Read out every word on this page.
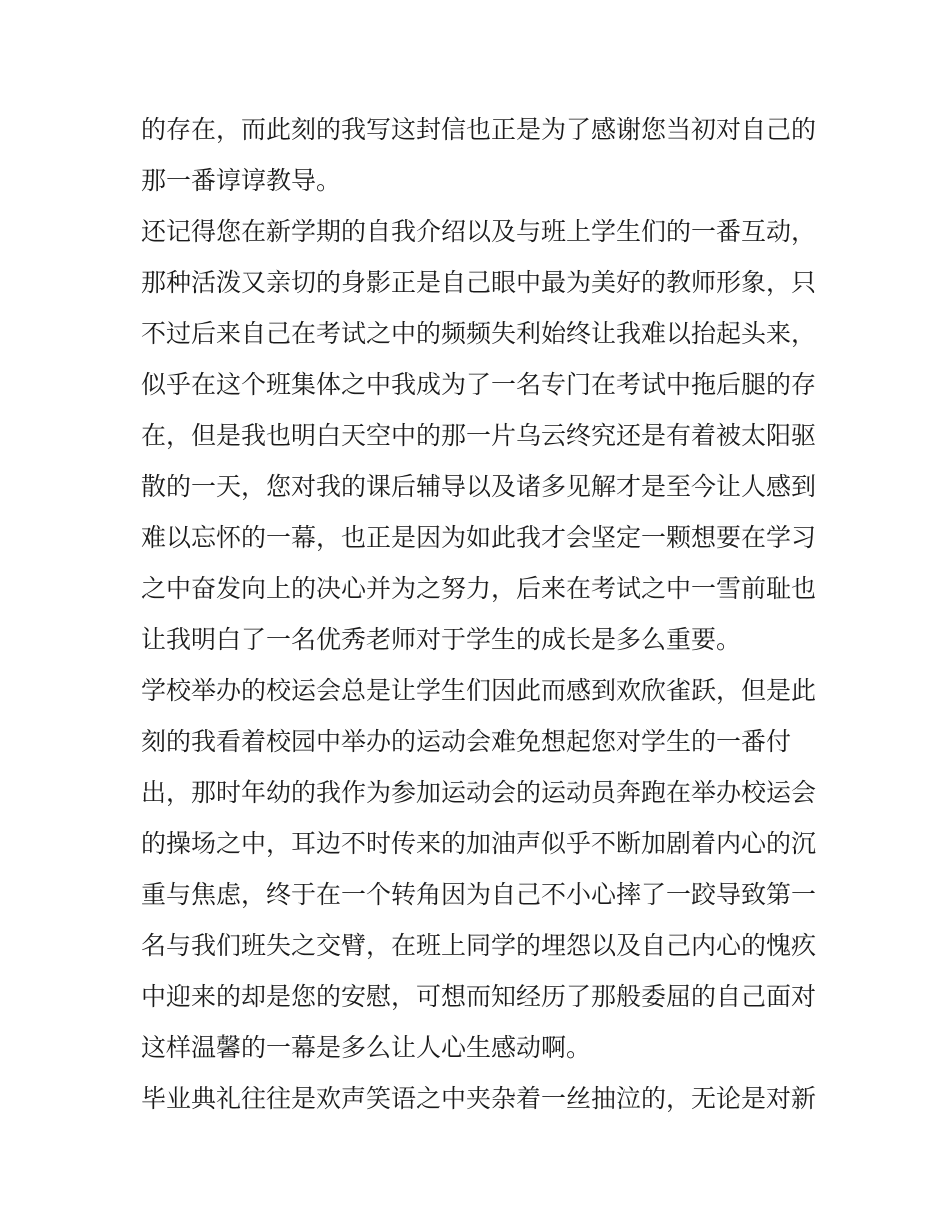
的存在，而此刻的我写这封信也正是为了感谢您当初对自己的
那一番谆谆教导。
还记得您在新学期的自我介绍以及与班上学生们的一番互动，
那种活泼又亲切的身影正是自己眼中最为美好的教师形象，只
不过后来自己在考试之中的频频失利始终让我难以抬起头来，
似乎在这个班集体之中我成为了一名专门在考试中拖后腿的存
在，但是我也明白天空中的那一片乌云终究还是有着被太阳驱
散的一天，您对我的课后辅导以及诸多见解才是至今让人感到
难以忘怀的一幕，也正是因为如此我才会坚定一颗想要在学习
之中奋发向上的决心并为之努力，后来在考试之中一雪前耻也
让我明白了一名优秀老师对于学生的成长是多么重要。
学校举办的校运会总是让学生们因此而感到欢欣雀跃，但是此
刻的我看着校园中举办的运动会难免想起您对学生的一番付
出，那时年幼的我作为参加运动会的运动员奔跑在举办校运会
的操场之中，耳边不时传来的加油声似乎不断加剧着内心的沉
重与焦虑，终于在一个转角因为自己不小心摔了一跤导致第一
名与我们班失之交臂，在班上同学的埋怨以及自己内心的愧疚
中迎来的却是您的安慰，可想而知经历了那般委屈的自己面对
这样温馨的一幕是多么让人心生感动啊。
毕业典礼往往是欢声笑语之中夹杂着一丝抽泣的，无论是对新
